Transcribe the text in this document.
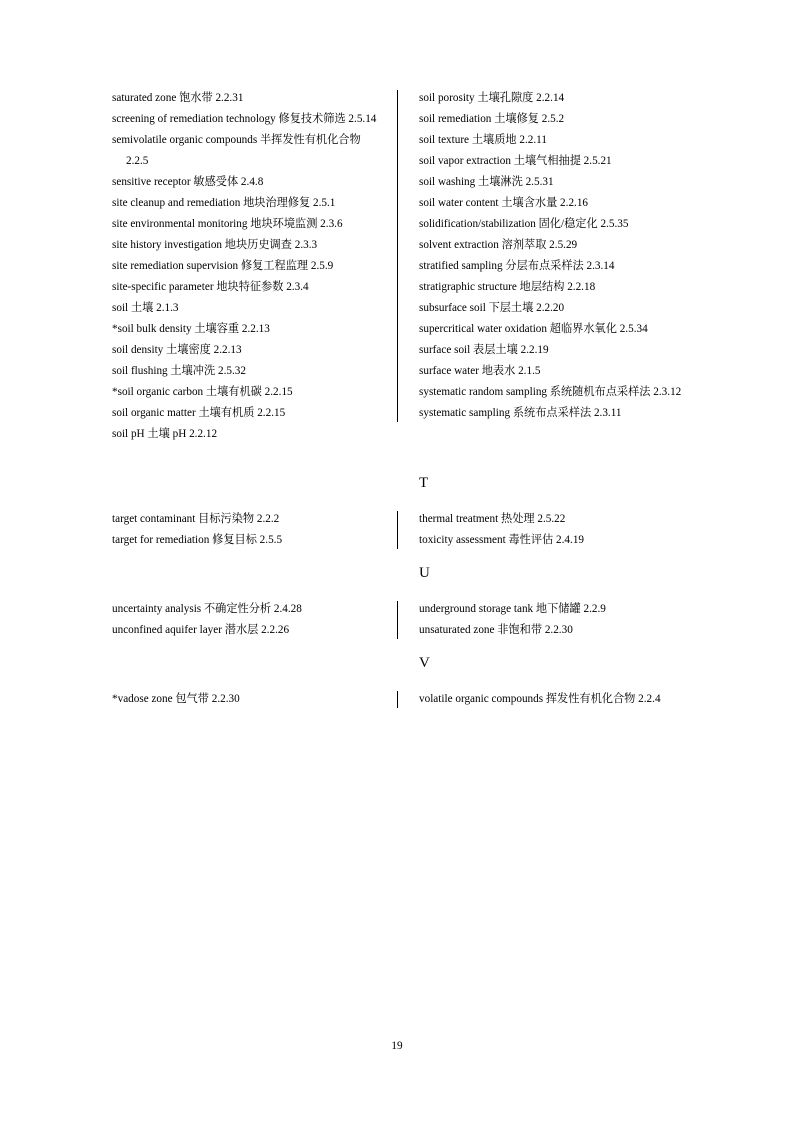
saturated zone 饱水带 2.2.31
screening of remediation technology 修复技术筛选 2.5.14
semivolatile organic compounds 半挥发性有机化合物 2.2.5
sensitive receptor 敏感受体 2.4.8
site cleanup and remediation 地块治理修复 2.5.1
site environmental monitoring 地块环境监测 2.3.6
site history investigation 地块历史调查 2.3.3
site remediation supervision 修复工程监理 2.5.9
site-specific parameter 地块特征参数 2.3.4
soil 土壤 2.1.3
*soil bulk density 土壤容重 2.2.13
soil density 土壤密度 2.2.13
soil flushing 土壤冲洗 2.5.32
*soil organic carbon 土壤有机碳 2.2.15
soil organic matter 土壤有机质 2.2.15
soil pH 土壤 pH 2.2.12
soil porosity 土壤孔隙度 2.2.14
soil remediation 土壤修复 2.5.2
soil texture 土壤质地 2.2.11
soil vapor extraction 土壤气相抽提 2.5.21
soil washing 土壤淋洗 2.5.31
soil water content 土壤含水量 2.2.16
solidification/stabilization 固化/稳定化 2.5.35
solvent extraction 溶剂萃取 2.5.29
stratified sampling 分层布点采样法 2.3.14
stratigraphic structure 地层结构 2.2.18
subsurface soil 下层土壤 2.2.20
supercritical water oxidation 超临界水氧化 2.5.34
surface soil 表层土壤 2.2.19
surface water 地表水 2.1.5
systematic random sampling 系统随机布点采样法 2.3.12
systematic sampling 系统布点采样法 2.3.11
T
target contaminant 目标污染物 2.2.2
target for remediation 修复目标 2.5.5
thermal treatment 热处理 2.5.22
toxicity assessment 毒性评估 2.4.19
U
uncertainty analysis 不确定性分析 2.4.28
unconfined aquifer layer 潜水层 2.2.26
underground storage tank 地下储罐 2.2.9
unsaturated zone 非饱和带 2.2.30
V
*vadose zone 包气带 2.2.30	volatile organic compounds 挥发性有机化合物 2.2.4
19
